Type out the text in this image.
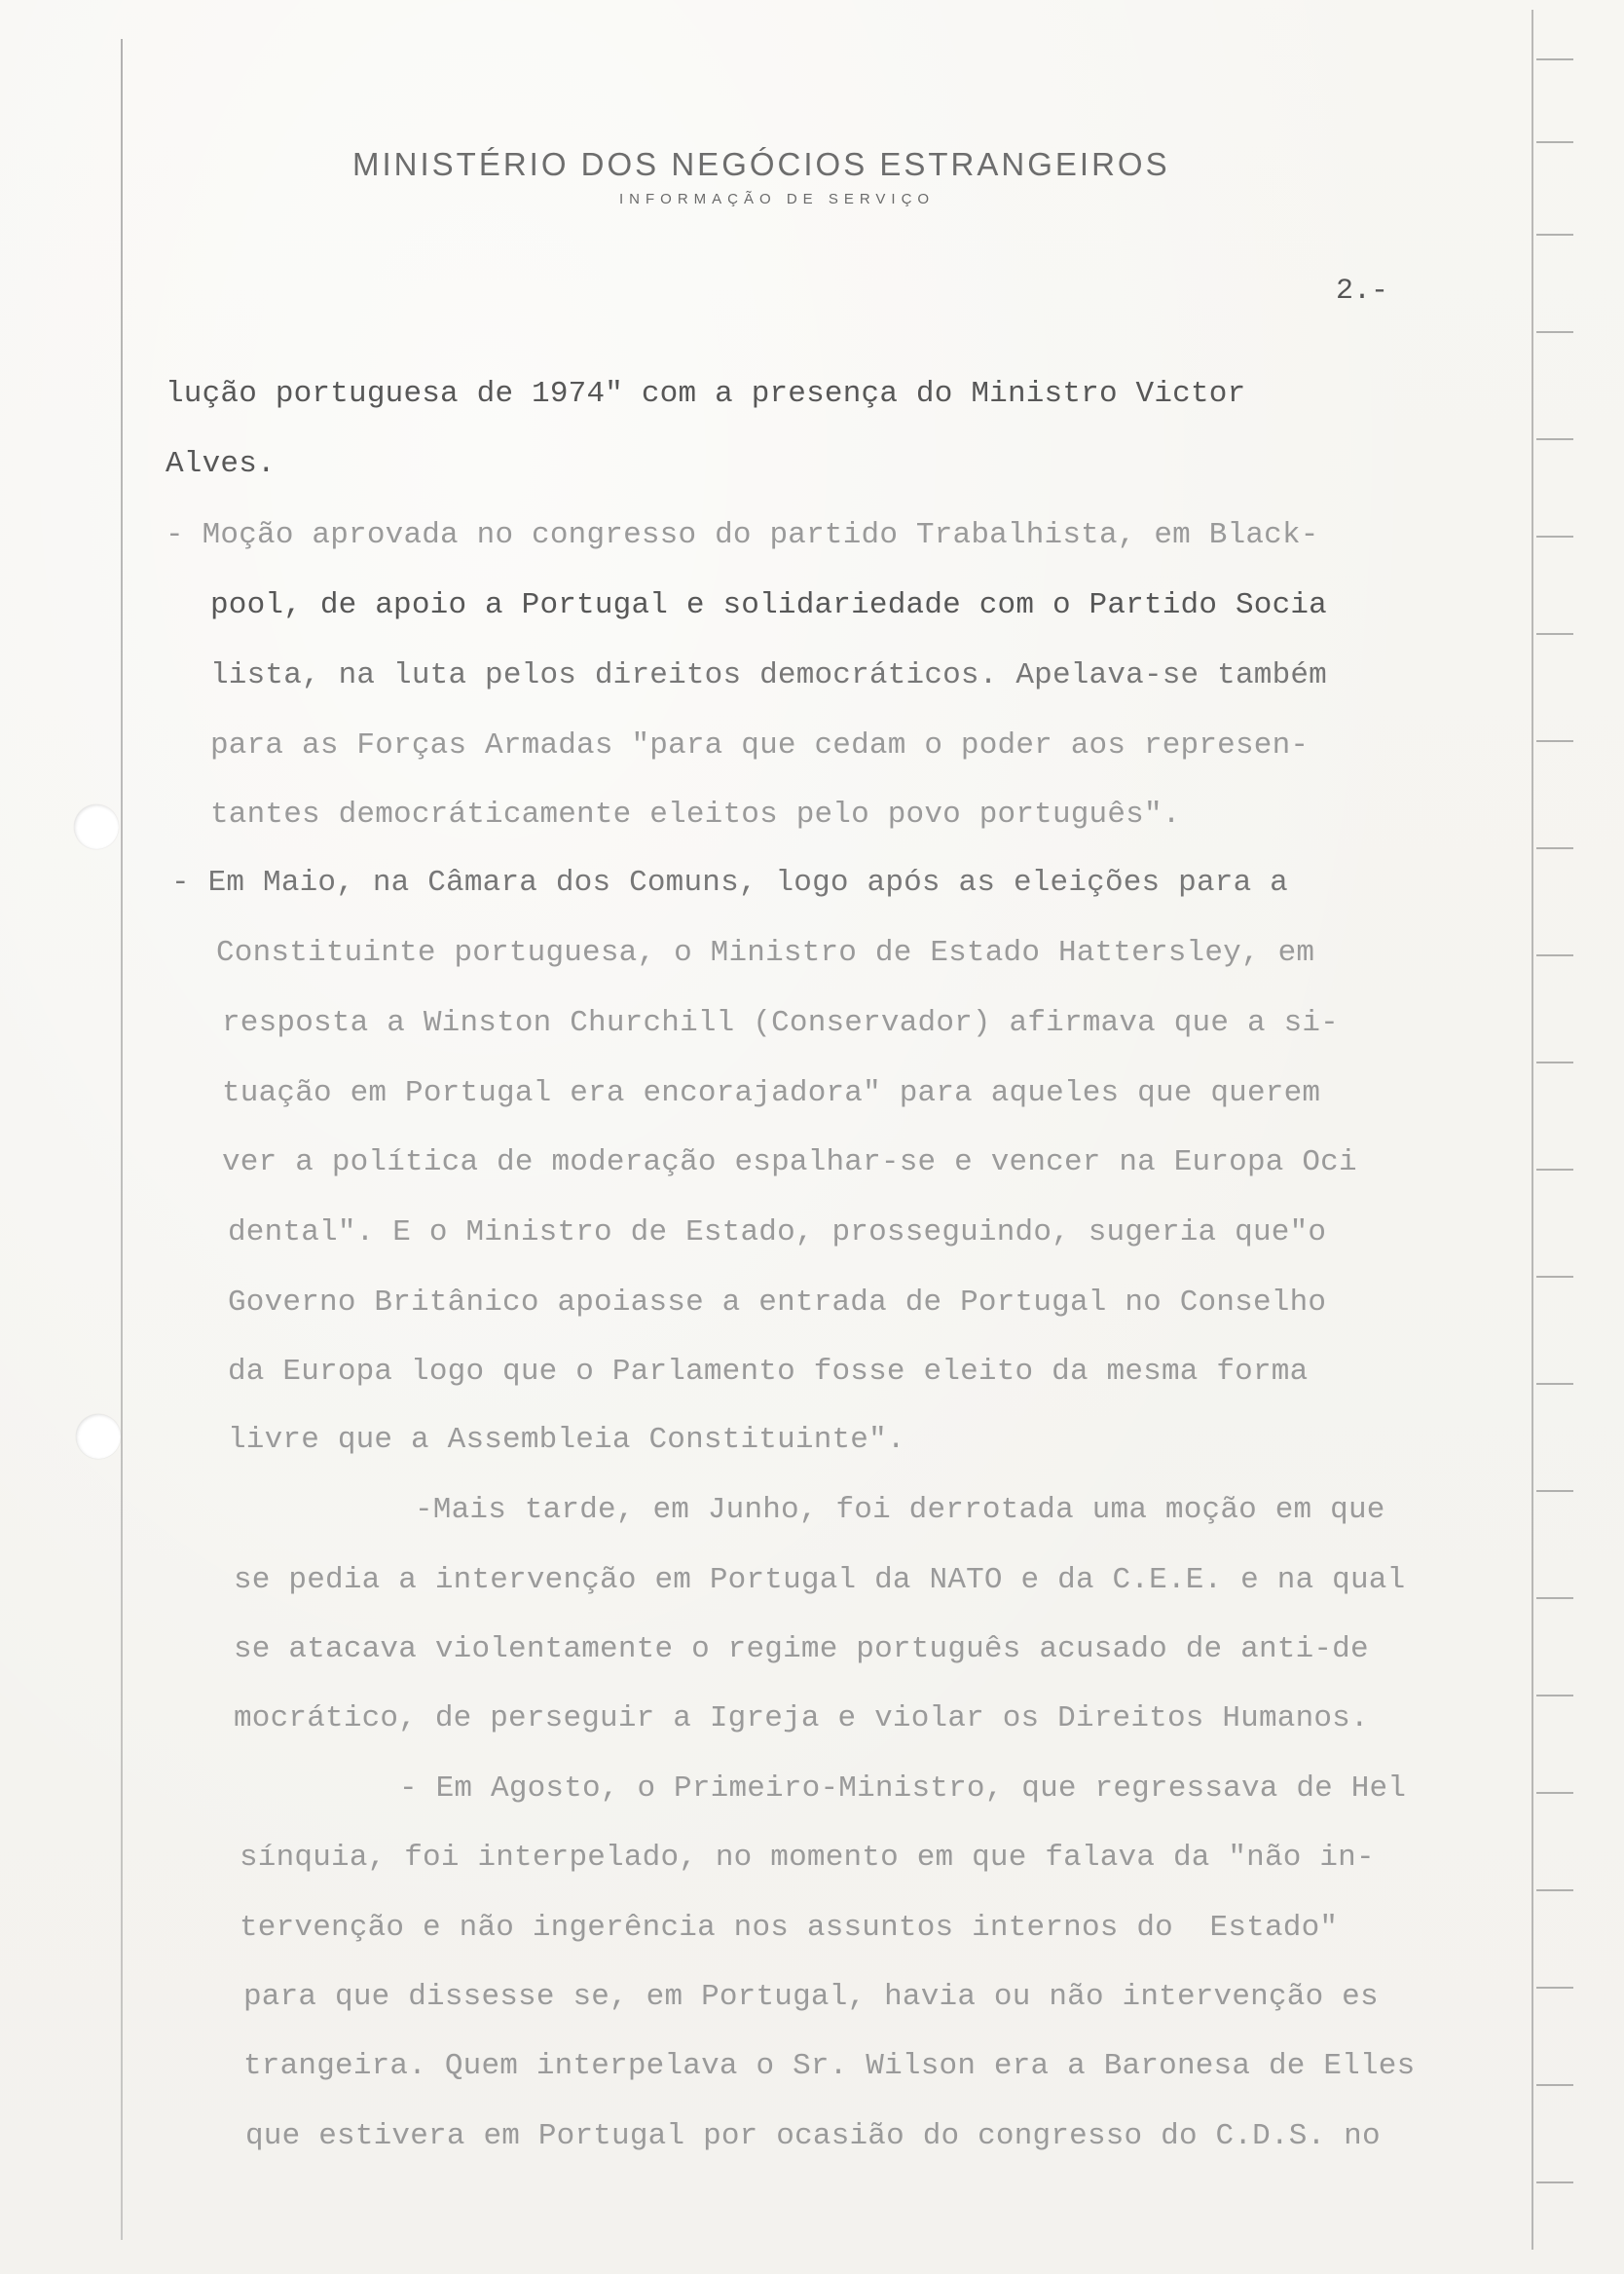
MINISTÉRIO DOS NEGÓCIOS ESTRANGEIROS
INFORMAÇÃO DE SERVIÇO
2.-
lução portuguesa de 1974" com a presença do Ministro Victor
Alves.
- Moção aprovada no congresso do partido Trabalhista, em Black-
pool, de apoio a Portugal e solidariedade com o Partido Socia
lista, na luta pelos direitos democráticos. Apelava-se também
para as Forças Armadas "para que cedam o poder aos represen-
tantes democráticamente eleitos pelo povo português".
- Em Maio, na Câmara dos Comuns, logo após as eleições para a
Constituinte portuguesa, o Ministro de Estado Hattersley, em
resposta a Winston Churchill (Conservador) afirmava que a si-
tuação em Portugal era encorajadora" para aqueles que querem
ver a política de moderação espalhar-se e vencer na Europa Oci
dental". E o Ministro de Estado, prosseguindo, sugeria que"o
Governo Britânico apoiasse a entrada de Portugal no Conselho
da Europa logo que o Parlamento fosse eleito da mesma forma
livre que a Assembleia Constituinte".
-Mais tarde, em Junho, foi derrotada uma moção em que
se pedia a intervenção em Portugal da NATO e da C.E.E. e na qual
se atacava violentamente o regime português acusado de anti-de
mocrático, de perseguir a Igreja e violar os Direitos Humanos.
- Em Agosto, o Primeiro-Ministro, que regressava de Hel
sínquia, foi interpelado, no momento em que falava da "não in-
tervenção e não ingerência nos assuntos internos do  Estado"
para que dissesse se, em Portugal, havia ou não intervenção es
trangeira. Quem interpelava o Sr. Wilson era a Baronesa de Elles
que estivera em Portugal por ocasião do congresso do C.D.S. no
